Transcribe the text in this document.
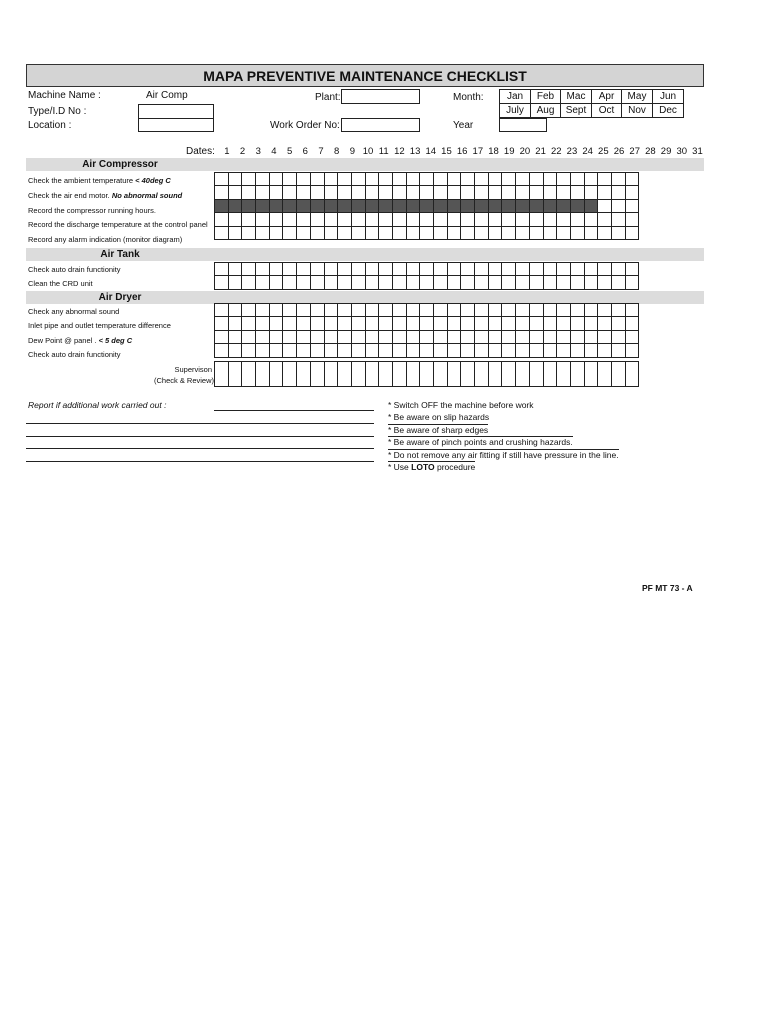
MAPA PREVENTIVE MAINTENANCE CHECKLIST
Machine Name :	Air Comp
Type/I.D No :
Location :
Plant:
Work Order No:
Month:
Year
Jan	Feb	Mac	Apr	May	Jun
July	Aug	Sept	Oct	Nov	Dec
Dates: 1	2	3	4	5	6	7	8	9 10 11 12 13 14 15 16 17 18 19 20 21 22 23 24 25 26 27 28 29 30 31
Air Compressor
Check the ambient temperature < 40deg C
Check the air end motor. No abnormal sound
Record the compressor running hours.
Record the discharge temperature at the control panel
Record any alarm indication (monitor diagram)

Air Tank
Check auto drain functionity
Clean the CRD unit

Air Dryer
Check any abnormal sound
Inlet pipe and outlet temperature difference
Dew Point @ panel . < 5 deg C
Check auto drain functionity

Supervison
(Check & Review)

Report if additional work carried out :	* Switch OFF the machine before work
* Be aware on slip hazards
* Be aware of sharp edges
* Be aware of pinch points and crushing hazards.
* Do not remove any air fitting if still have pressure in the line.
* Use LOTO procedure
PF MT 73 - A
